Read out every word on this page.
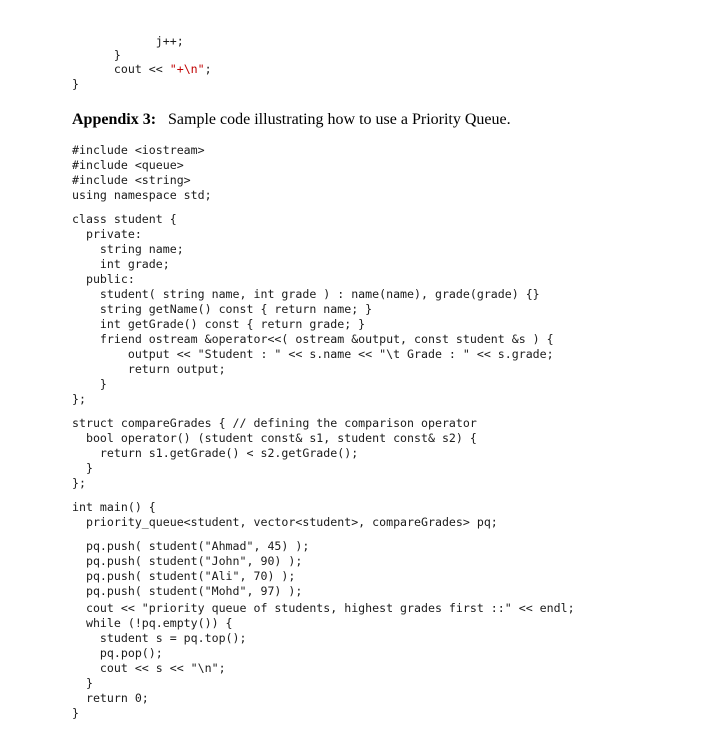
j++;
}
cout << "+\n";
}
Appendix 3: Sample code illustrating how to use a Priority Queue.
#include <iostream>
#include <queue>
#include <string>
using namespace std;
class student {
private:
string name;
int grade;
public:
student( string name, int grade ) : name(name), grade(grade) {}
string getName() const { return name; }
int getGrade() const { return grade; }
friend ostream &operator<<( ostream &output, const student &s ) {
output << "Student : " << s.name << "\t Grade : " << s.grade;
return output;
}
};
struct compareGrades { // defining the comparison operator
bool operator() (student const& s1, student const& s2) {
return s1.getGrade() < s2.getGrade();
}
};
int main() {
priority_queue<student, vector<student>, compareGrades> pq;
pq.push( student("Ahmad", 45) );
pq.push( student("John", 90) );
pq.push( student("Ali", 70) );
pq.push( student("Mohd", 97) );
cout << "priority queue of students, highest grades first ::" << endl;
while (!pq.empty()) {
student s = pq.top();
pq.pop();
cout << s << "\n";
}
return 0;
}
